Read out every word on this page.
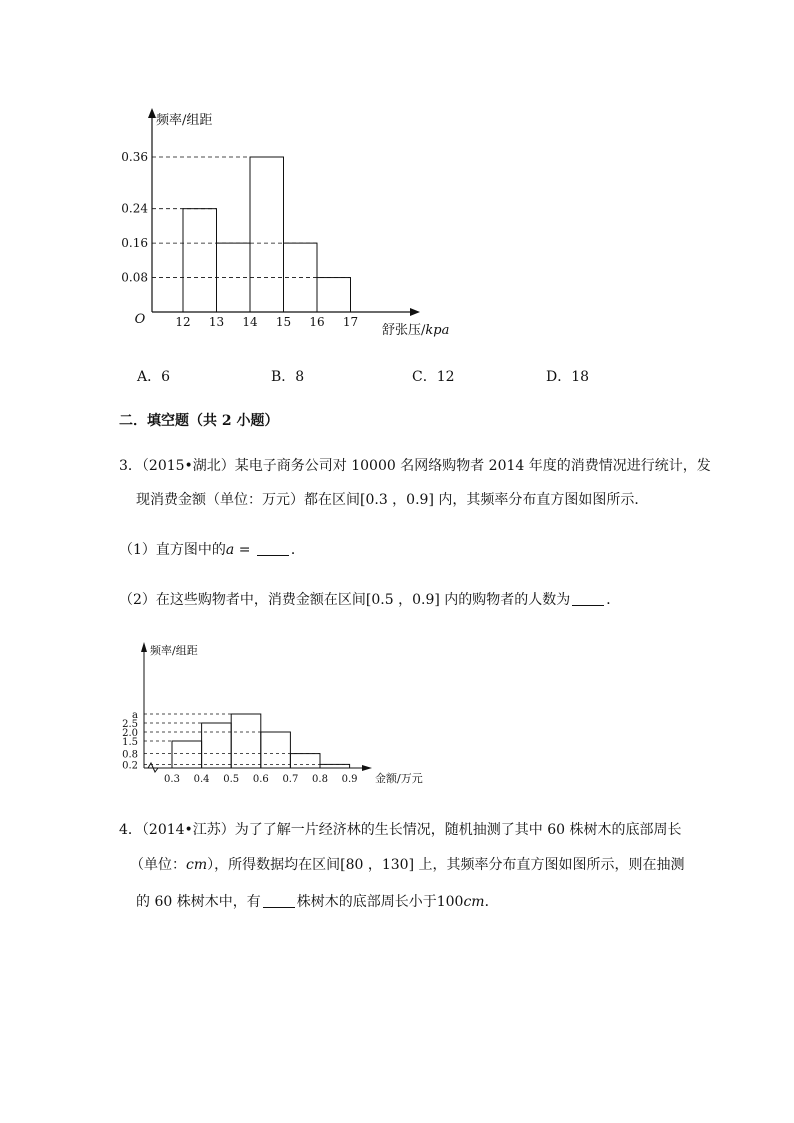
0.36
0.24
0.16
0.08
12 13 14 15 16 17
O
频率/组距
舒张压/kpa
A．6	B．8	C．12	D．18
二．填空题（共 2 小题）
3．（2015•湖北）某电子商务公司对 10000 名网络购物者 2014 年度的消费情况进行统计，发
现消费金额（单位：万元）都在区间[0.3 ，0.9] 内，其频率分布直方图如图所示．
（1）直方图中的a =	．
（2）在这些购物者中，消费金额在区间[0.5 ，0.9] 内的购物者的人数为	．
a
2.5
2.0
1.5
0.8
0.2
0.3 0.4 0.5 0.6 0.7 0.8 0.9
频率/组距
金额/万元
4．（2014•江苏）为了了解一片经济林的生长情况，随机抽测了其中 60 株树木的底部周长
（单位：cm），所得数据均在区间[80 ，130] 上，其频率分布直方图如图所示，则在抽测
的 60 株树木中，有	株树木的底部周长小于100cm．
